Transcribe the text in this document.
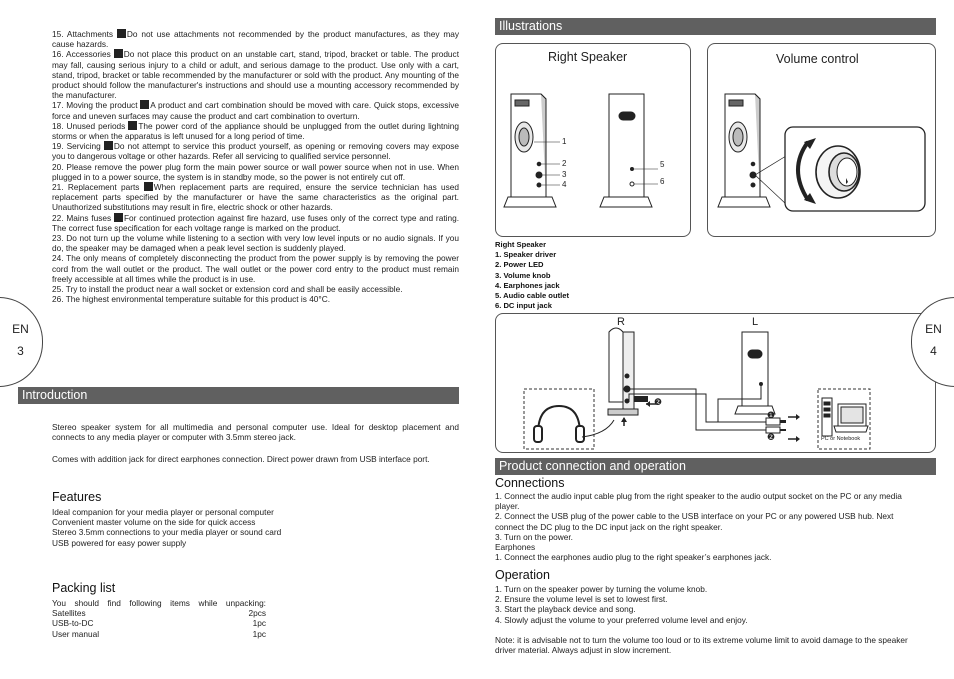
15. Attachments Do not use attachments not recommended by the product manufactures, as they may cause hazards.
16. Accessories Do not place this product on an unstable cart, stand, tripod, bracket or table. The product may fall, causing serious injury to a child or adult, and serious damage to the product. Use only with a cart, stand, tripod, bracket or table recommended by the manufacturer or sold with the product. Any mounting of the product should follow the manufacturer's instructions and should use a mounting accessory recommended by the manufacturer.
17. Moving the product A product and cart combination should be moved with care. Quick stops, excessive force and uneven surfaces may cause the product and cart combination to overturn.
18. Unused periods The power cord of the appliance should be unplugged from the outlet during lightning storms or when the apparatus is left unused for a long period of time.
19. Servicing Do not attempt to service this product yourself, as opening or removing covers may expose you to dangerous voltage or other hazards. Refer all servicing to qualified service personnel.
20. Please remove the power plug form the main power source or wall power source when not in use. When plugged in to a power source, the system is in standby mode, so the power is not entirely cut off.
21. Replacement parts When replacement parts are required, ensure the service technician has used replacement parts specified by the manufacturer or have the same characteristics as the original part. Unauthorized substitutions may result in fire, electric shock or other hazards.
22. Mains fuses For continued protection against fire hazard, use fuses only of the correct type and rating. The correct fuse specification for each voltage range is marked on the product.
23. Do not turn up the volume while listening to a section with very low level inputs or no audio signals. If you do, the speaker may be damaged when a peak level section is suddenly played.
24. The only means of completely disconnecting the product from the power supply is by removing the power cord from the wall outlet or the product. The wall outlet or the power cord entry to the product must remain freely accessible at all times while the product is in use.
25. Try to install the product near a wall socket or extension cord and shall be easily accessible.
26. The highest environmental temperature suitable for this product is 40°C.
EN
3
Introduction
Stereo speaker system for all multimedia and personal computer use. Ideal for desktop placement and connects to any media player or computer with 3.5mm stereo jack.
Comes with addition jack for direct earphones connection. Direct power drawn from USB interface port.
Features
Ideal companion for your media player or personal computer
Convenient master volume on the side for quick access
Stereo 3.5mm connections to your media player or sound card
USB powered for easy power supply
Packing list
You should find following items while unpacking:
Satellites	2pcs
USB-to-DC	1pc
User manual	1pc
Illustrations
Right Speaker
1
2
3
4
5
6
Volume control
Right Speaker
1. Speaker driver
2. Power LED
3. Volume knob
4. Earphones jack
5. Audio cable outlet
6. DC input jack
R	L
PC or Notebook
❷
❶
❷
EN
4
Product connection and operation
Connections
1. Connect the audio input cable plug from the right speaker to the audio output socket on the PC or any media player.
2. Connect the USB plug of the power cable to the USB interface on your PC or any powered USB hub. Next connect the DC plug to the DC input jack on the right speaker.
3. Turn on the power.
Earphones
1. Connect the earphones audio plug to the right speaker’s earphones jack.
Operation
1. Turn on the speaker power by turning the volume knob.
2. Ensure the volume level is set to lowest first.
3. Start the playback device and song.
4. Slowly adjust the volume to your preferred volume level and enjoy.
Note: it is advisable not to turn the volume too loud or to its extreme volume limit to avoid damage to the speaker driver material. Always adjust in slow increment.
